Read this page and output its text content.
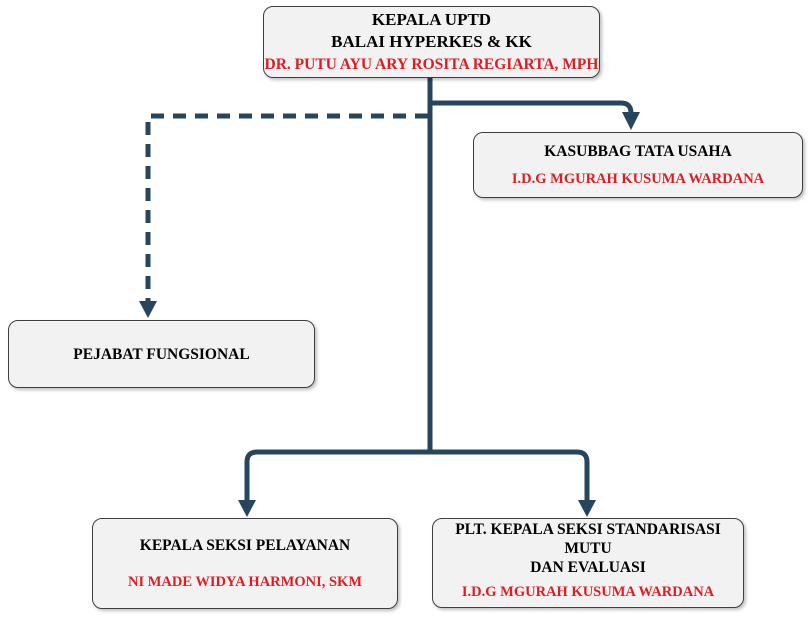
KEPALA UPTD
BALAI HYPERKES & KK
DR. PUTU AYU ARY ROSITA REGIARTA, MPH
KASUBBAG TATA USAHA
I.D.G MGURAH KUSUMA WARDANA
PEJABAT FUNGSIONAL
KEPALA SEKSI PELAYANAN
NI MADE WIDYA HARMONI, SKM
PLT. KEPALA SEKSI STANDARISASI MUTU
DAN EVALUASI
I.D.G MGURAH KUSUMA WARDANA
